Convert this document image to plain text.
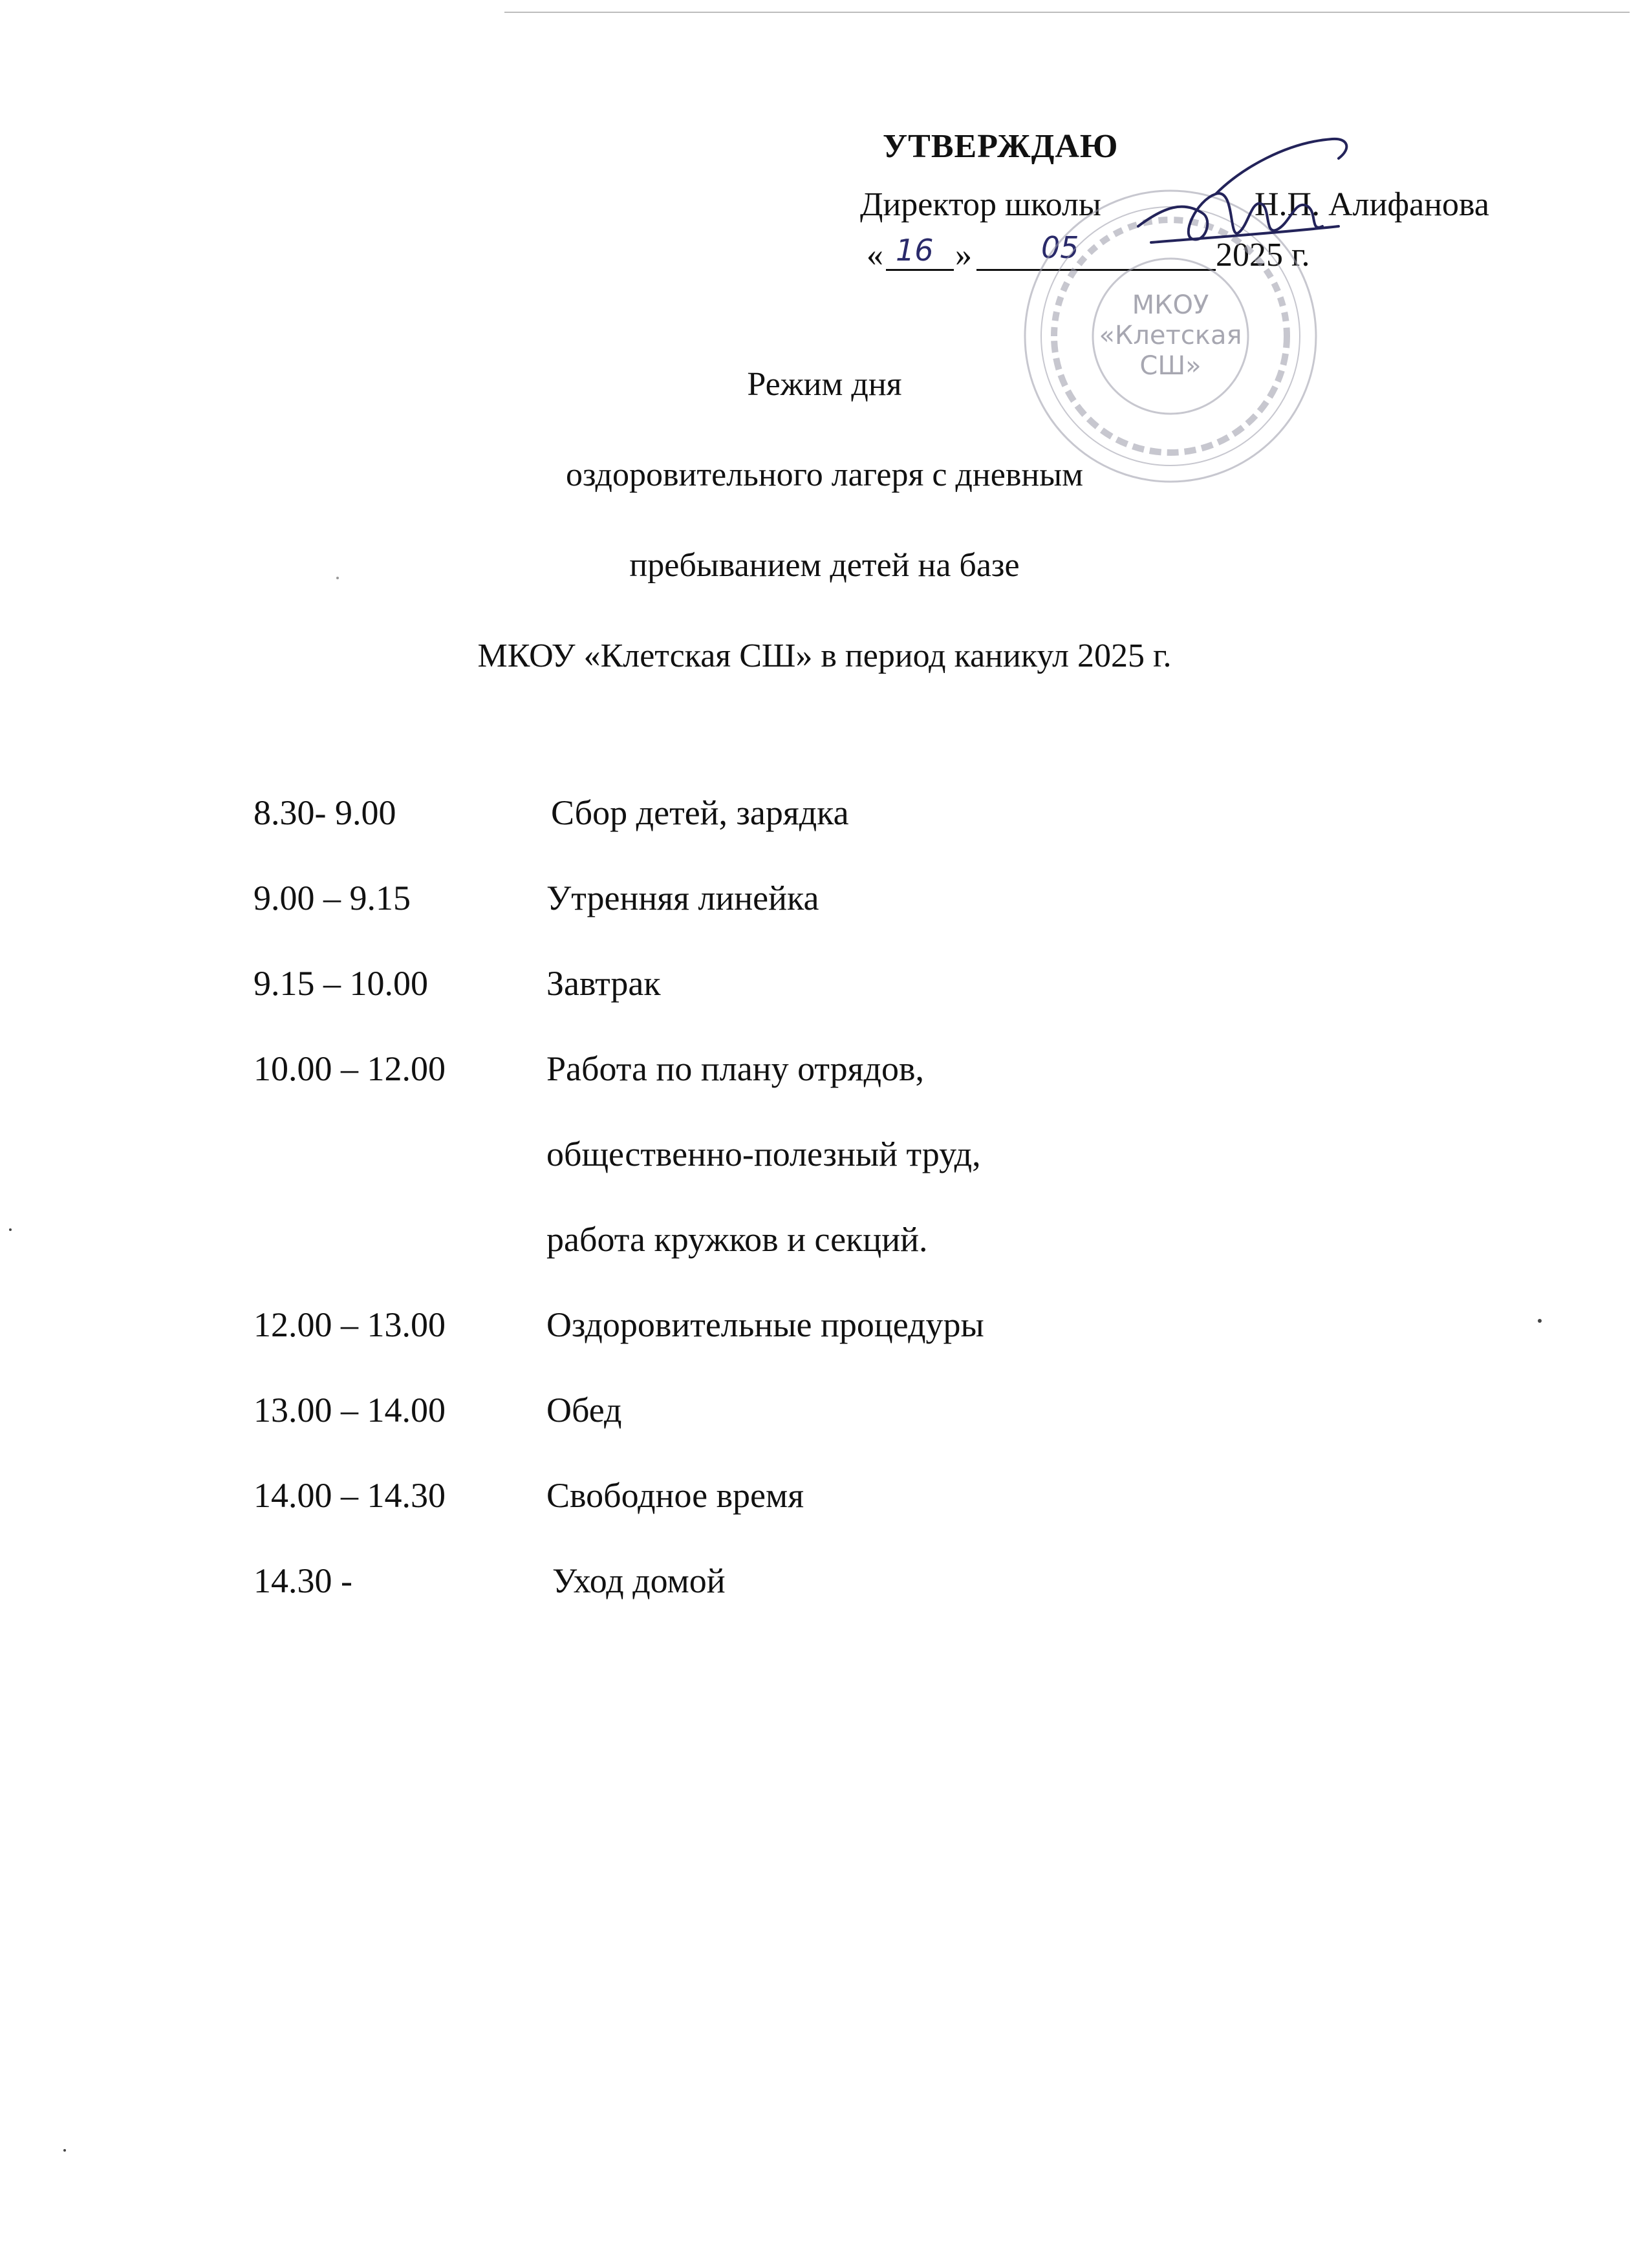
УТВЕРЖДАЮ
Директор школы	Н.П. Алифанова
« 16 » 05	2025 г.
МКОУ
«Клетская
СШ»
Режим дня
оздоровительного лагеря с дневным
пребыванием детей на базе
МКОУ «Клетская СШ» в период каникул 2025 г.
8.30- 9.00	Сбор детей, зарядка
9.00 – 9.15	Утренняя линейка
9.15 – 10.00	Завтрак
10.00 – 12.00	Работа по плану отрядов,
общественно-полезный труд,
работа кружков и секций.
12.00 – 13.00	Оздоровительные процедуры
13.00 – 14.00	Обед
14.00 – 14.30	Свободное время
14.30 -	Уход домой
